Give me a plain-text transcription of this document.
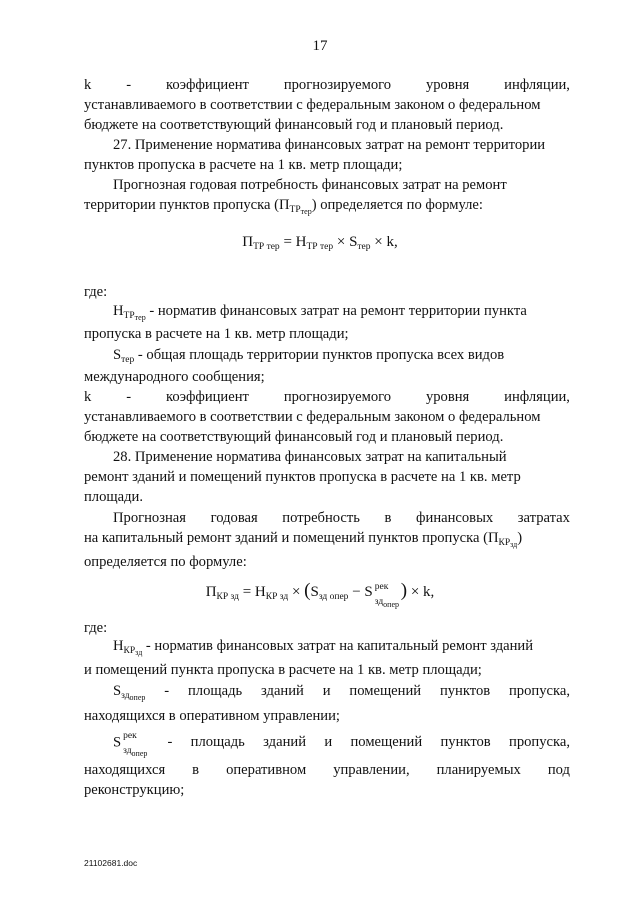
17
k - коэффициент прогнозируемого уровня инфляции,
устанавливаемого в соответствии с федеральным законом о федеральном
бюджете на соответствующий финансовый год и плановый период.
27. Применение норматива финансовых затрат на ремонт территории
пунктов пропуска в расчете на 1 кв. метр площади;
Прогнозная годовая потребность финансовых затрат на ремонт
территории пунктов пропуска $(П_{ТР_{тер}})$ определяется по формуле:
$П_{ТР тер} = Н_{ТР тер} \times S_{тер} \times k$,
где:
$Н_{ТР_{тер}}$ - норматив финансовых затрат на ремонт территории пункта
пропуска в расчете на 1 кв. метр площади;
$S_{тер}$ - общая площадь территории пунктов пропуска всех видов
международного сообщения;
k - коэффициент прогнозируемого уровня инфляции,
устанавливаемого в соответствии с федеральным законом о федеральном
бюджете на соответствующий финансовый год и плановый период.
28. Применение норматива финансовых затрат на капитальный
ремонт зданий и помещений пунктов пропуска в расчете на 1 кв. метр
площади.
Прогнозная годовая потребность в финансовых затратах
на капитальный ремонт зданий и помещений пунктов пропуска $(П_{КР_{зд}})$
определяется по формуле:
$П_{КР зд} = Н_{КР зд} \times (S_{зд опер} - S$ рек
$зд_{опер}$
) × k,
где:
$Н_{КР_{зд}}$ - норматив финансовых затрат на капитальный ремонт зданий
и помещений пункта пропуска в расчете на 1 кв. метр площади;
$S_{зд_{опер}}$ - площадь зданий и помещений пунктов пропуска,
находящихся в оперативном управлении;
S рек
$зд_{опер}$
- площадь зданий и помещений пунктов пропуска,
находящихся в оперативном управлении, планируемых под
реконструкцию;
21102681.doc
